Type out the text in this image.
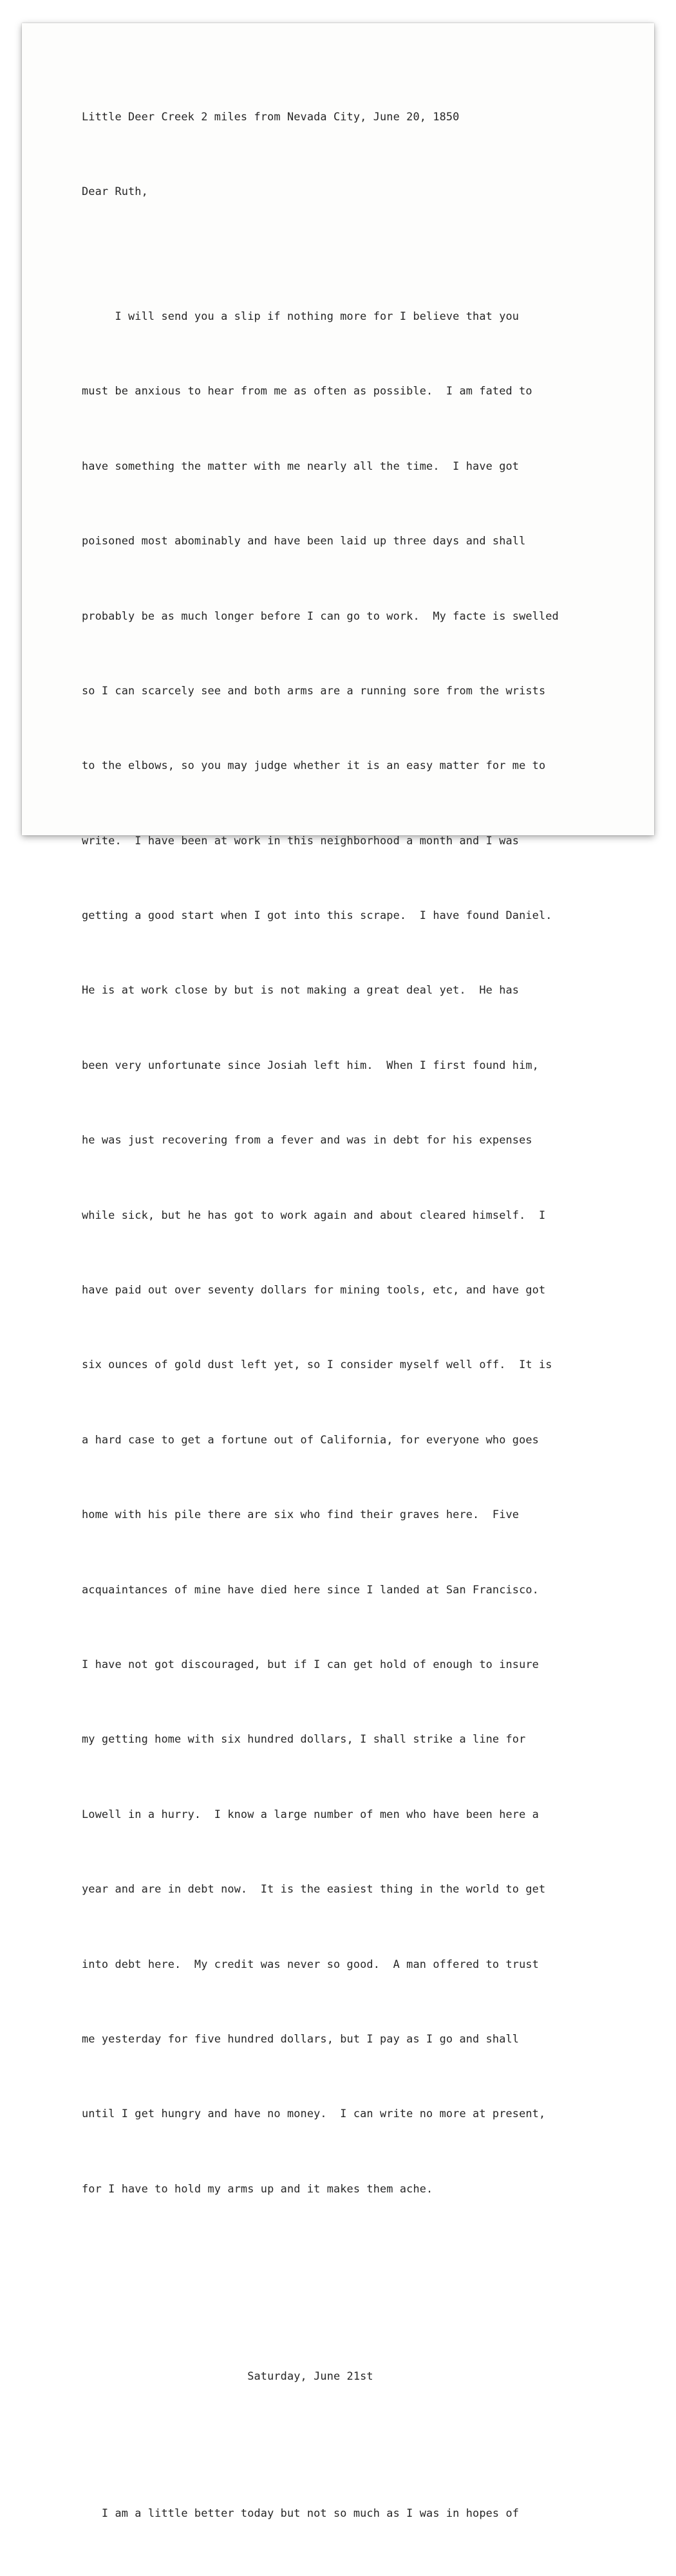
Little Deer Creek 2 miles from Nevada City, June 20, 1850

Dear Ruth,

I will send you a slip if nothing more for I believe that you

must be anxious to hear from me as often as possible.  I am fated to

have something the matter with me nearly all the time.  I have got

poisoned most abominably and have been laid up three days and shall

probably be as much longer before I can go to work.  My facte is swelled

so I can scarcely see and both arms are a running sore from the wrists

to the elbows, so you may judge whether it is an easy matter for me to

write.  I have been at work in this neighborhood a month and I was

getting a good start when I got into this scrape.  I have found Daniel.

He is at work close by but is not making a great deal yet.  He has

been very unfortunate since Josiah left him.  When I first found him,

he was just recovering from a fever and was in debt for his expenses

while sick, but he has got to work again and about cleared himself.  I

have paid out over seventy dollars for mining tools, etc, and have got

six ounces of gold dust left yet, so I consider myself well off.  It is

a hard case to get a fortune out of California, for everyone who goes

home with his pile there are six who find their graves here.  Five

acquaintances of mine have died here since I landed at San Francisco.

I have not got discouraged, but if I can get hold of enough to insure

my getting home with six hundred dollars, I shall strike a line for

Lowell in a hurry.  I know a large number of men who have been here a

year and are in debt now.  It is the easiest thing in the world to get

into debt here.  My credit was never so good.  A man offered to trust

me yesterday for five hundred dollars, but I pay as I go and shall

until I get hungry and have no money.  I can write no more at present,

for I have to hold my arms up and it makes them ache.

Saturday, June 21st

I am a little better today but not so much as I was in hopes of
